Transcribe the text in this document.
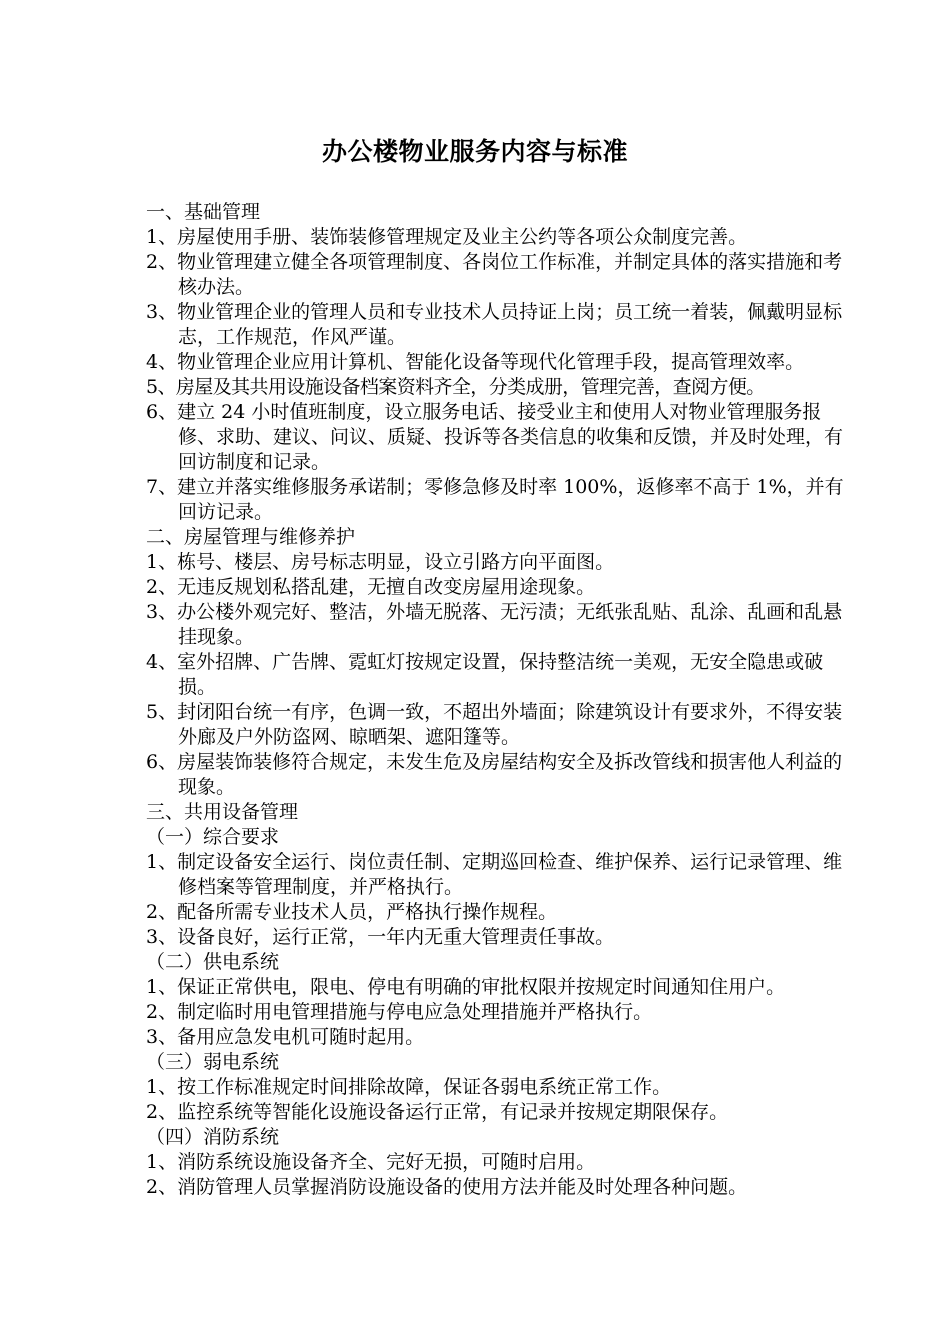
办公楼物业服务内容与标准

一、基础管理

1、房屋使用手册、装饰装修管理规定及业主公约等各项公众制度完善。

2、物业管理建立健全各项管理制度、各岗位工作标准，并制定具体的落实措施和考核办法。

3、物业管理企业的管理人员和专业技术人员持证上岗；员工统一着装，佩戴明显标志，工作规范，作风严谨。

4、物业管理企业应用计算机、智能化设备等现代化管理手段，提高管理效率。

5、房屋及其共用设施设备档案资料齐全，分类成册，管理完善，查阅方便。

6、建立 24 小时值班制度，设立服务电话、接受业主和使用人对物业管理服务报修、求助、建议、问议、质疑、投诉等各类信息的收集和反馈，并及时处理，有回访制度和记录。

7、建立并落实维修服务承诺制；零修急修及时率 100%，返修率不高于 1%，并有回访记录。

二、房屋管理与维修养护

1、栋号、楼层、房号标志明显，设立引路方向平面图。

2、无违反规划私搭乱建，无擅自改变房屋用途现象。

3、办公楼外观完好、整洁，外墙无脱落、无污渍；无纸张乱贴、乱涂、乱画和乱悬挂现象。

4、室外招牌、广告牌、霓虹灯按规定设置，保持整洁统一美观，无安全隐患或破损。

5、封闭阳台统一有序，色调一致，不超出外墙面；除建筑设计有要求外，不得安装外廊及户外防盗网、晾晒架、遮阳篷等。

6、房屋装饰装修符合规定，未发生危及房屋结构安全及拆改管线和损害他人利益的现象。

三、共用设备管理

（一）综合要求

1、制定设备安全运行、岗位责任制、定期巡回检查、维护保养、运行记录管理、维修档案等管理制度，并严格执行。

2、配备所需专业技术人员，严格执行操作规程。

3、设备良好，运行正常，一年内无重大管理责任事故。

（二）供电系统

1、保证正常供电，限电、停电有明确的审批权限并按规定时间通知住用户。

2、制定临时用电管理措施与停电应急处理措施并严格执行。

3、备用应急发电机可随时起用。

（三）弱电系统

1、按工作标准规定时间排除故障，保证各弱电系统正常工作。

2、监控系统等智能化设施设备运行正常，有记录并按规定期限保存。

（四）消防系统

1、消防系统设施设备齐全、完好无损，可随时启用。

2、消防管理人员掌握消防设施设备的使用方法并能及时处理各种问题。
